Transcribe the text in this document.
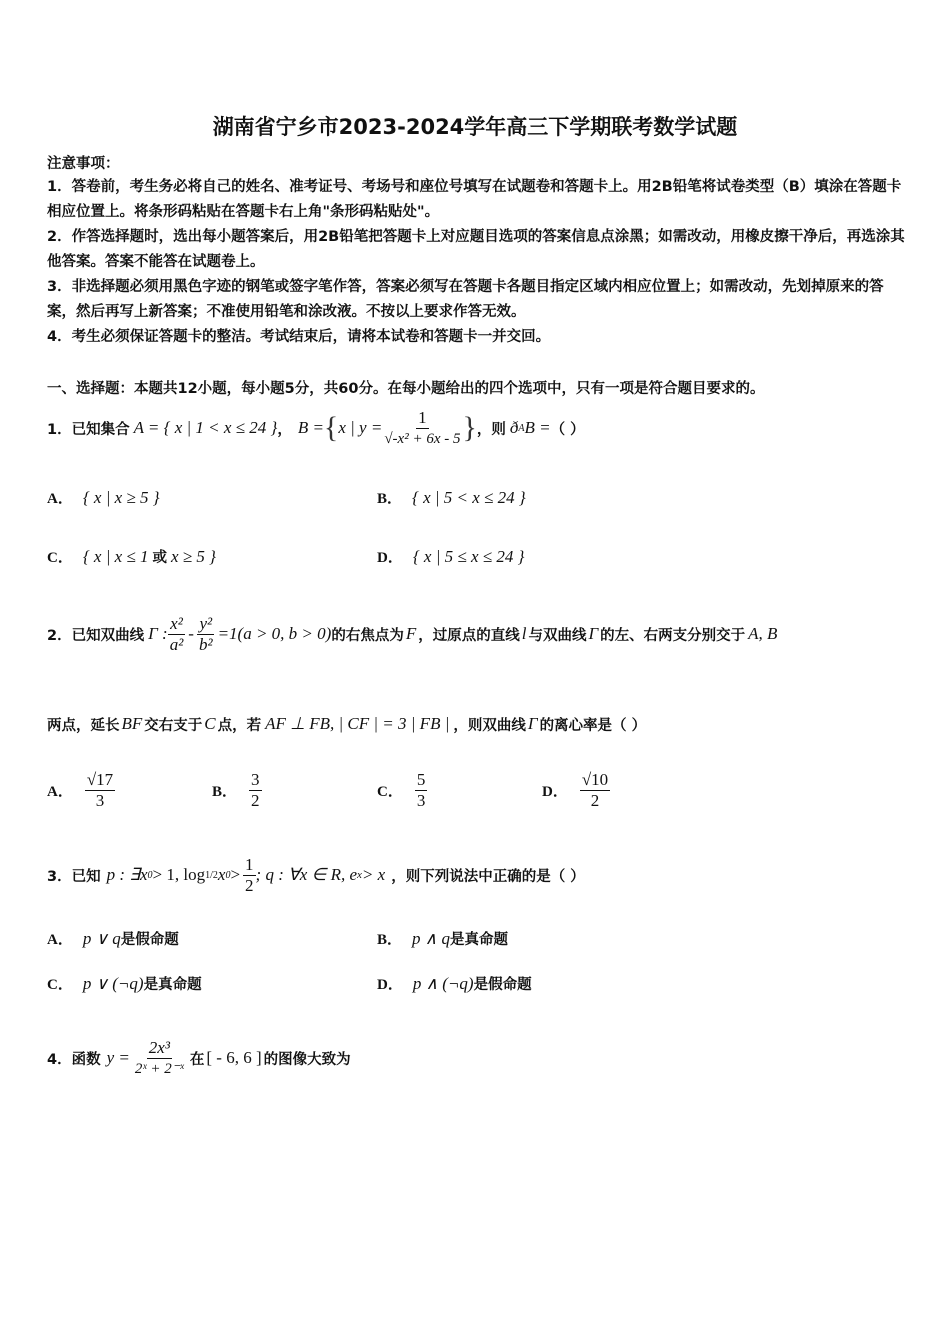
湖南省宁乡市2023-2024学年高三下学期联考数学试题
注意事项：
1．答卷前，考生务必将自己的姓名、准考证号、考场号和座位号填写在试题卷和答题卡上。用2B铅笔将试卷类型（B）填涂在答题卡相应位置上。将条形码粘贴在答题卡右上角"条形码粘贴处"。
2．作答选择题时，选出每小题答案后，用2B铅笔把答题卡上对应题目选项的答案信息点涂黑；如需改动，用橡皮擦干净后，再选涂其他答案。答案不能答在试题卷上。
3．非选择题必须用黑色字迹的钢笔或签字笔作答，答案必须写在答题卡各题目指定区域内相应位置上；如需改动，先划掉原来的答案，然后再写上新答案；不准使用铅笔和涂改液。不按以上要求作答无效。
4．考生必须保证答题卡的整洁。考试结束后，请将本试卷和答题卡一并交回。
一、选择题：本题共12小题，每小题5分，共60分。在每小题给出的四个选项中，只有一项是符合题目要求的。
1．已知集合 A = { x | 1 < x ≤ 24 } ， B = { x | $y = \frac{1}{\text{√-x² + 6x - 5}}$ } ，则 ð A B = （ ）
A． { x | x ≥ 5 }	B． { x | 5 < x ≤ 24 }
C． { x | x ≤ 1 或 x ≥ 5 }	D． { x | 5 ≤ x ≤ 24 }
2．已知双曲线 Γ : $\frac{\text{x²}}{\text{a²}} - \frac{\text{y²}}{\text{b²}} =1(a > 0$, b > 0) 的右焦点为 F ，过原点的直线 l 与双曲线 Γ 的左、右两支分别交于 A, B
两点，延长 BF 交右支于 C 点，若 AF ⊥ FB, | CF | = 3 | FB | ，则双曲线 Γ 的离心率是（ ）
A． $\frac{√17}{3}$	B． $\frac{3}{2}$	C． $\frac{5}{3}$	D． $\frac{√10}{2}$
3．已知 p : ∃x 0 > 1, log 1/2 x $0 > \frac{1}{2}$ ; q : ∀x ∈ R, e x > x ，则下列说法中正确的是（ ）
A． p ∨ q 是假命题	B． p ∧ q 是真命题
C． p ∨ (¬q) 是真命题	D． p ∧ (¬q) 是假命题
4．函数 $y = \frac{\text{2x³}}{\text{2ˣ + 2⁻ˣ}}$ 在 [ - 6, 6 ] 的图像大致为
